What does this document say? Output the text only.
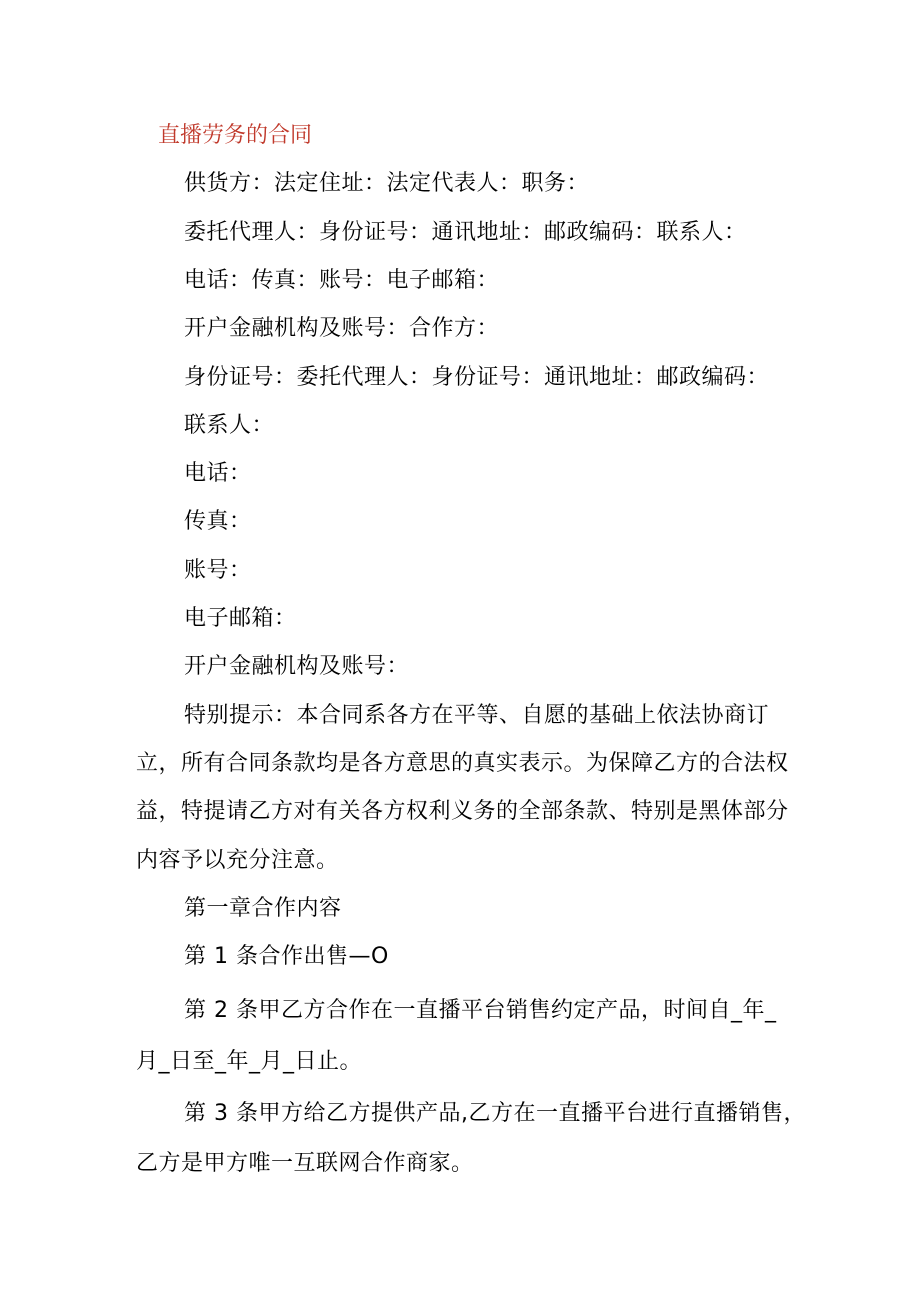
直播劳务的合同
供货方：法定住址：法定代表人：职务：
委托代理人：身份证号：通讯地址：邮政编码：联系人：
电话：传真：账号：电子邮箱：
开户金融机构及账号：合作方：
身份证号：委托代理人：身份证号：通讯地址：邮政编码：
联系人：
电话：
传真：
账号：
电子邮箱：
开户金融机构及账号：
特别提示：本合同系各方在平等、自愿的基础上依法协商订
立，所有合同条款均是各方意思的真实表示。为保障乙方的合法权
益，特提请乙方对有关各方权利义务的全部条款、特别是黑体部分
内容予以充分注意。
第一章合作内容
第 1 条合作出售—O
第 2 条甲乙方合作在一直播平台销售约定产品，时间自_年_
月_日至_年_月_日止。
第 3 条甲方给乙方提供产品,乙方在一直播平台进行直播销售，
乙方是甲方唯一互联网合作商家。
